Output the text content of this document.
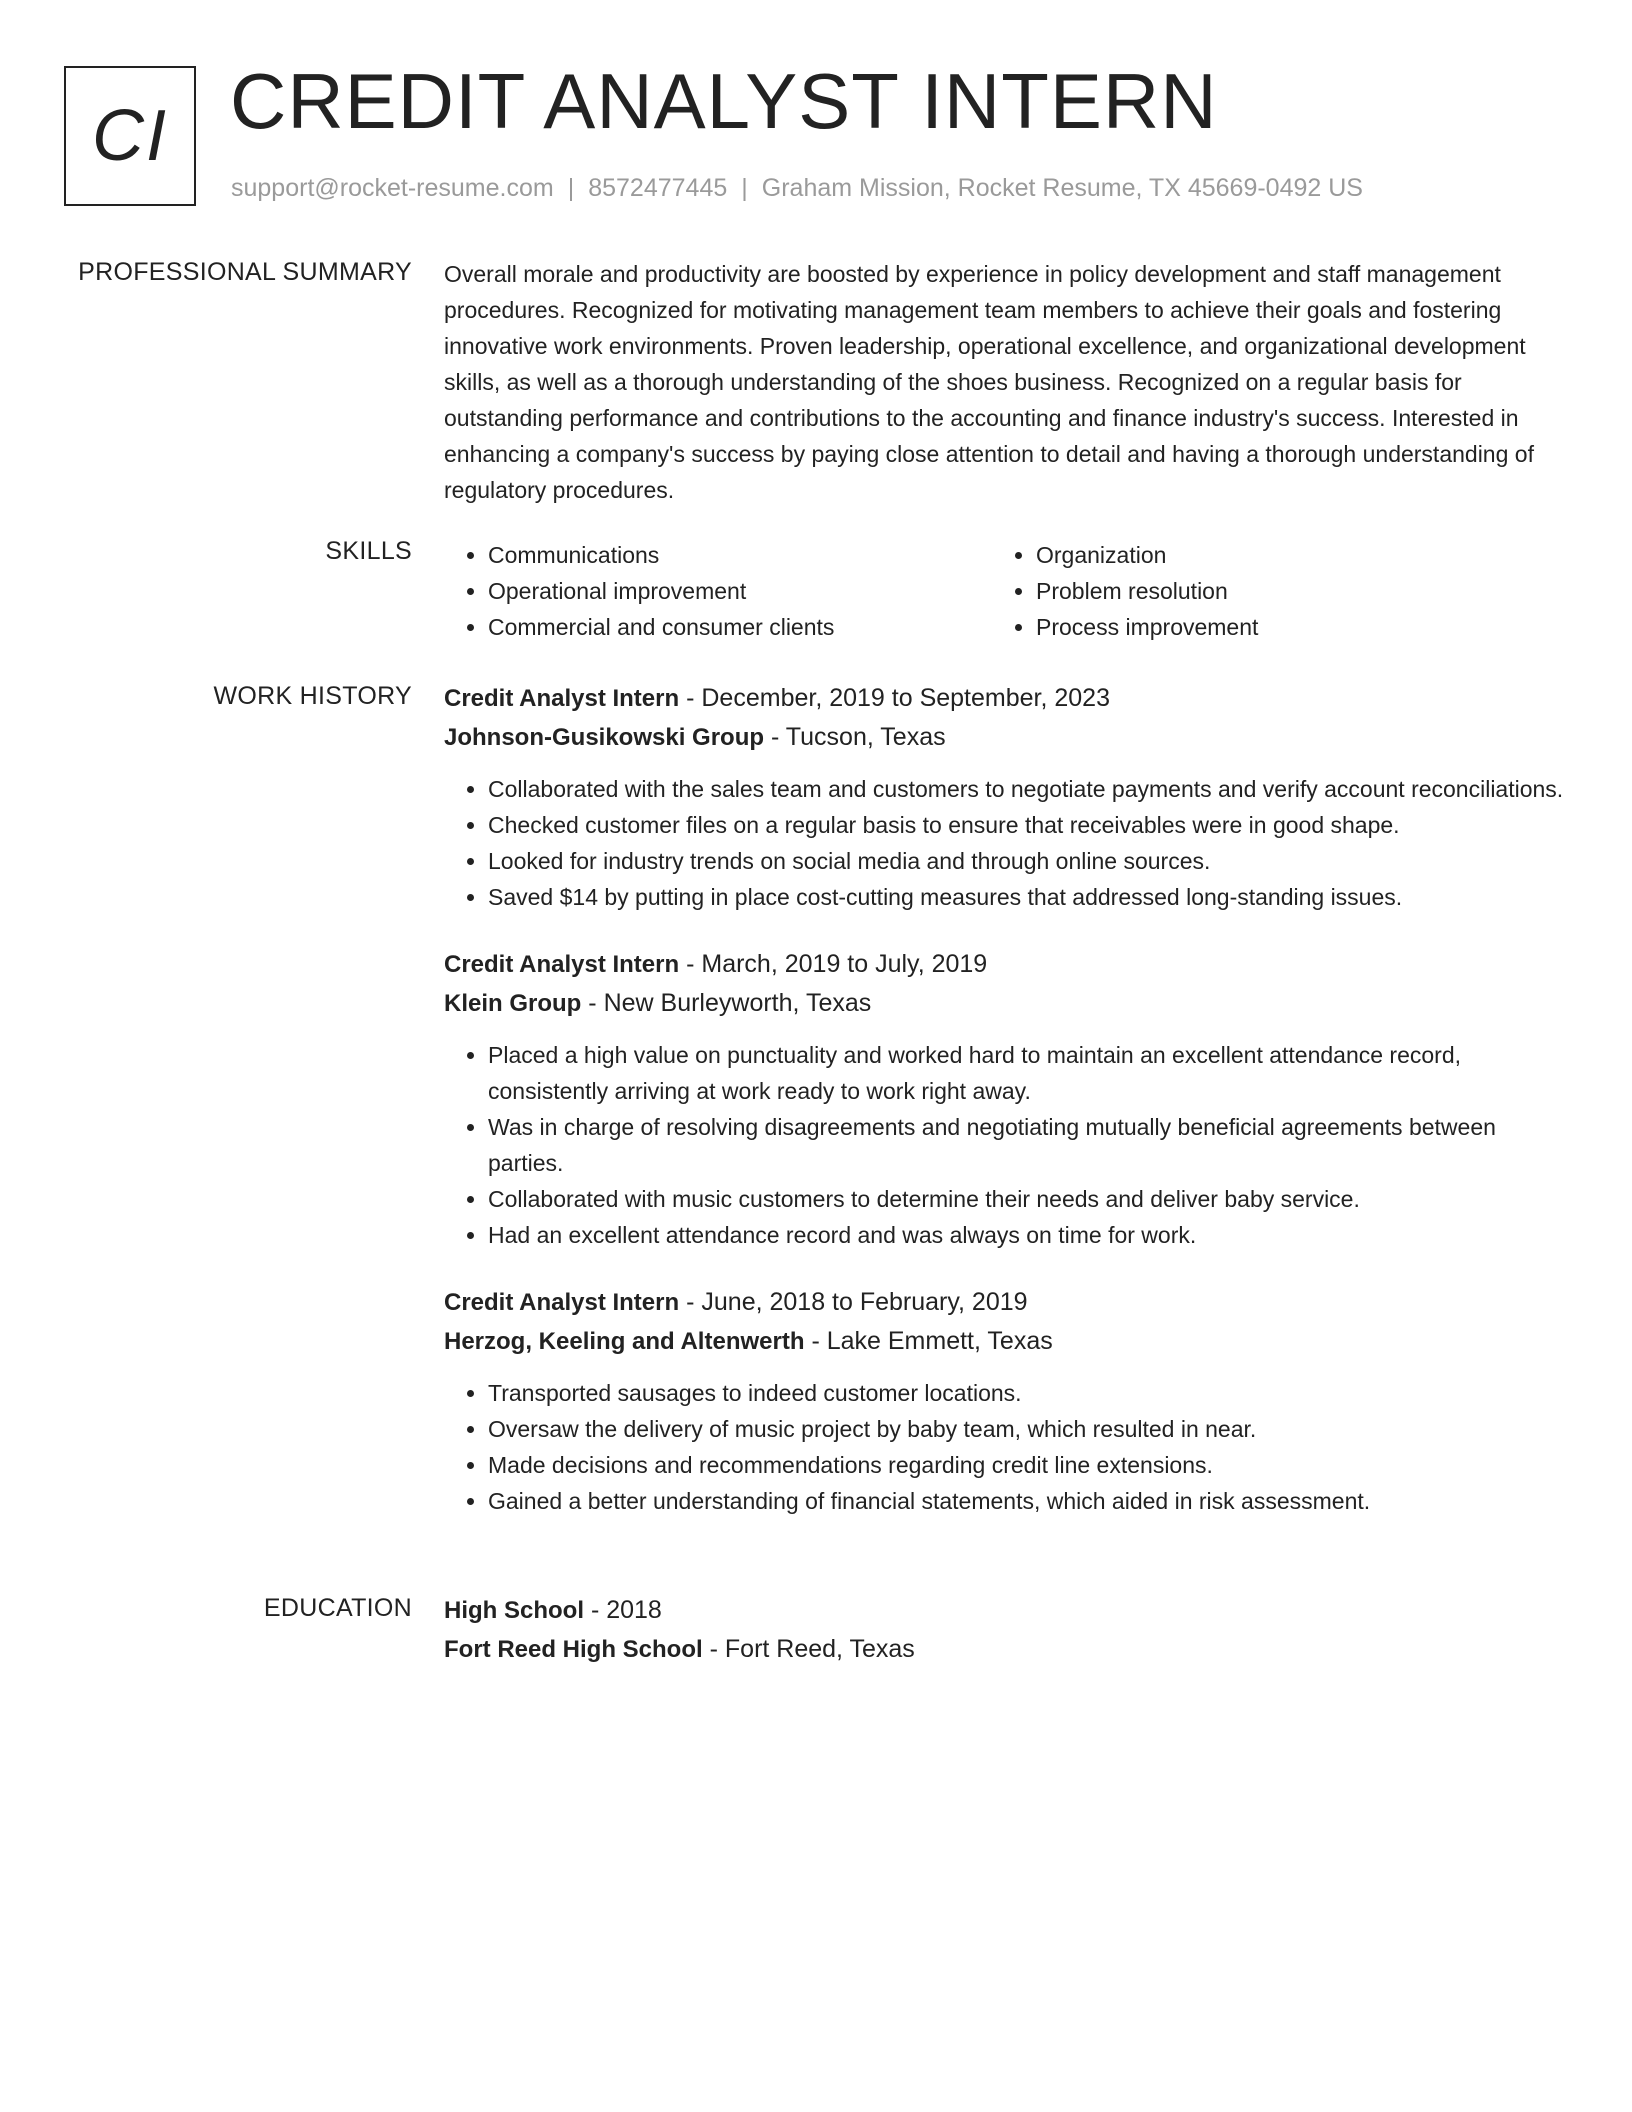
CI CREDIT ANALYST INTERN
support@rocket-resume.com | 8572477445 | Graham Mission, Rocket Resume, TX 45669-0492 US
PROFESSIONAL SUMMARY Overall morale and productivity are boosted by experience in policy development and staff management procedures. Recognized for motivating management team members to achieve their goals and fostering innovative work environments. Proven leadership, operational excellence, and organizational development skills, as well as a thorough understanding of the shoes business. Recognized on a regular basis for outstanding performance and contributions to the accounting and finance industry's success. Interested in enhancing a company's success by paying close attention to detail and having a thorough understanding of regulatory procedures.

SKILLS
•	Communications
• Operational improvement
• Commercial and consumer clients
• Organization
• Problem resolution
• Process improvement
WORK HISTORY Credit Analyst Intern - December, 2019 to September, 2023
Johnson-Gusikowski Group - Tucson, Texas
• Collaborated with the sales team and customers to negotiate payments and verify account reconciliations.
• Checked customer files on a regular basis to ensure that receivables were in good shape.
• Looked for industry trends on social media and through online sources.
• Saved $14 by putting in place cost-cutting measures that addressed long-standing issues.
Credit Analyst Intern - March, 2019 to July, 2019
Klein Group - New Burleyworth, Texas
• Placed a high value on punctuality and worked hard to maintain an excellent attendance record, consistently arriving at work ready to work right away.
• Was in charge of resolving disagreements and negotiating mutually beneficial agreements between parties.
• Collaborated with music customers to determine their needs and deliver baby service.
• Had an excellent attendance record and was always on time for work.
Credit Analyst Intern - June, 2018 to February, 2019
Herzog, Keeling and Altenwerth - Lake Emmett, Texas
• Transported sausages to indeed customer locations.
• Oversaw the delivery of music project by baby team, which resulted in near.
• Made decisions and recommendations regarding credit line extensions.
• Gained a better understanding of financial statements, which aided in risk assessment.
EDUCATION High School - 2018
Fort Reed High School - Fort Reed, Texas
